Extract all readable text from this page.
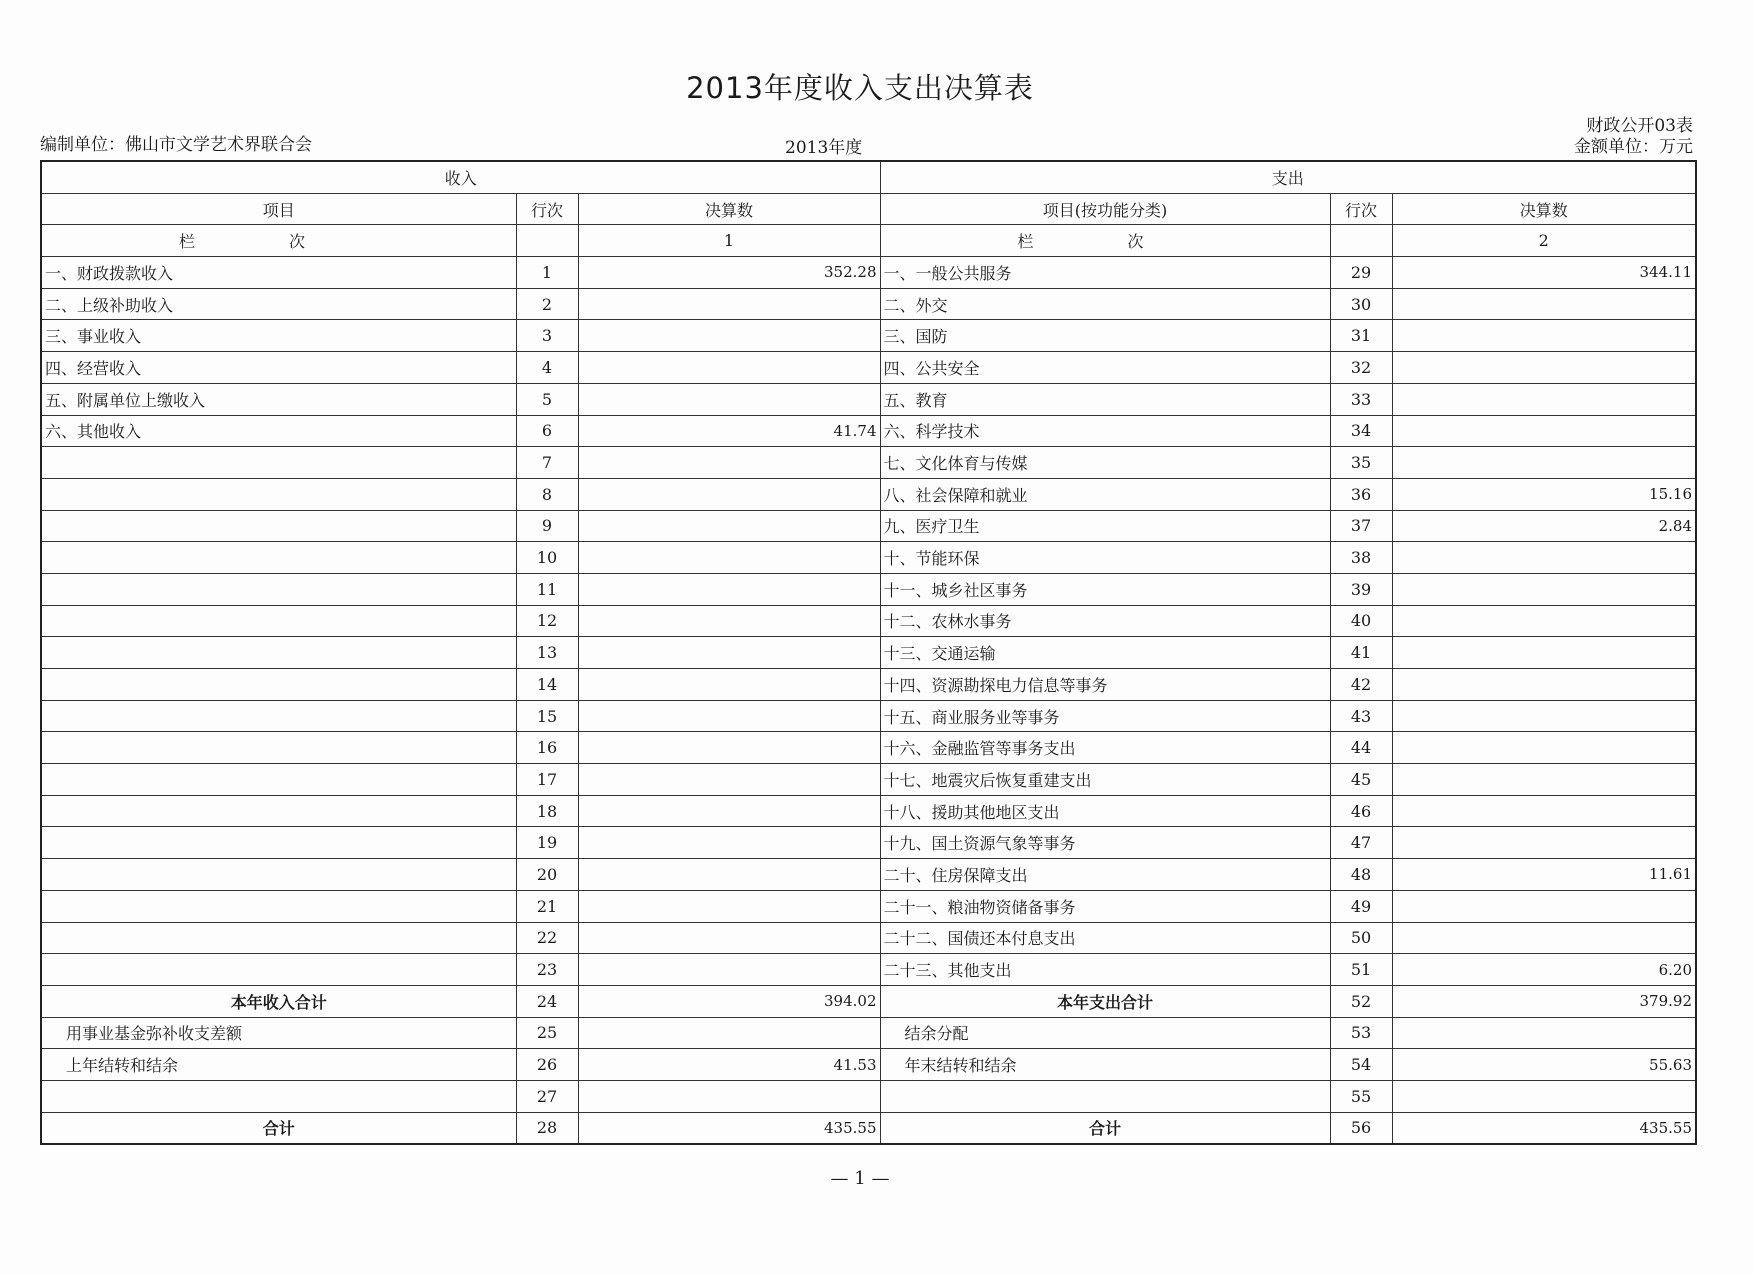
2013年度收入支出决算表
编制单位：佛山市文学艺术界联合会	2013年度
财政公开03表
金额单位：万元
收入			支出		
项目	行次	决算数	项目(按功能分类)	行次	决算数
栏 次		1	栏 次		2
一、财政拨款收入	1	352.28	一、一般公共服务	29	344.11
二、上级补助收入	2		二、外交	30	
三、事业收入	3		三、国防	31	
四、经营收入	4		四、公共安全	32	
五、附属单位上缴收入	5		五、教育	33	
六、其他收入	6	41.74	六、科学技术	34	
	7		七、文化体育与传媒	35	
	8		八、社会保障和就业	36	15.16
	9		九、医疗卫生	37	2.84
	10		十、节能环保	38	
	11		十一、城乡社区事务	39	
	12		十二、农林水事务	40	
	13		十三、交通运输	41	
	14		十四、资源勘探电力信息等事务	42	
	15		十五、商业服务业等事务	43	
	16		十六、金融监管等事务支出	44	
	17		十七、地震灾后恢复重建支出	45	
	18		十八、援助其他地区支出	46	
	19		十九、国土资源气象等事务	47	
	20		二十、住房保障支出	48	11.61
	21		二十一、粮油物资储备事务	49	
	22		二十二、国债还本付息支出	50	
	23		二十三、其他支出	51	6.20
本年收入合计	24	394.02	本年支出合计	52	379.92
用事业基金弥补收支差额	25		结余分配	53	
上年结转和结余	26	41.53	年末结转和结余	54	55.63
	27			55	
合计	28	435.55	合计	56	435.55
— 1 —
